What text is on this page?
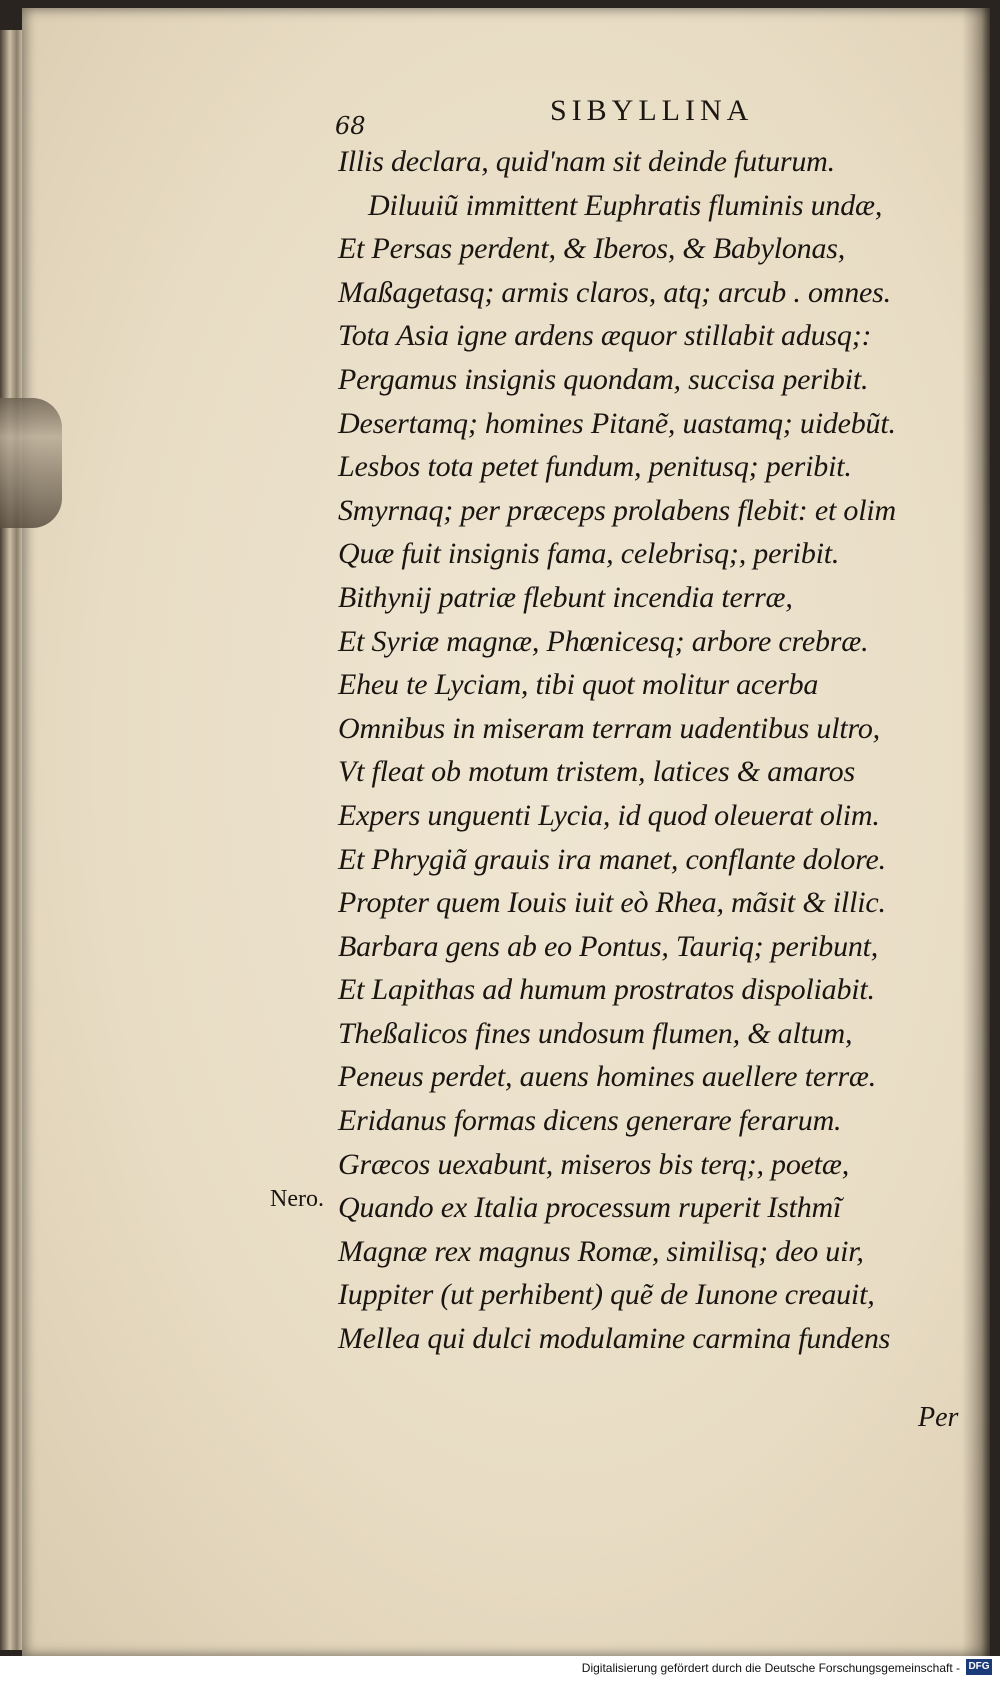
68	SIBYLLINA
Illis declara, quid'nam sit deinde futurum.
Diluuiũ immittent Euphratis fluminis undæ,
Et Persas perdent, & Iberos, & Babylonas,
Maßagetasq; armis claros, atq; arcub . omnes.
Tota Asia igne ardens æquor stillabit adusq;:
Pergamus insignis quondam, succisa peribit.
Desertamq; homines Pitanẽ, uastamq; uidebũt.
Lesbos tota petet fundum, penitusq; peribit.
Smyrnaq; per præceps prolabens flebit: et olim
Quæ fuit insignis fama, celebrisq;, peribit.
Bithynij patriæ flebunt incendia terræ,
Et Syriæ magnæ, Phœnicesq; arbore crebræ.
Eheu te Lyciam, tibi quot molitur acerba
Omnibus in miseram terram uadentibus ultro,
Vt fleat ob motum tristem, latices & amaros
Expers unguenti Lycia, id quod oleuerat olim.
Et Phrygiã grauis ira manet, conflante dolore.
Propter quem Iouis iuit eò Rhea, mãsit & illic.
Barbara gens ab eo Pontus, Tauriq; peribunt,
Et Lapithas ad humum prostratos dispoliabit.
Theßalicos fines undosum flumen, & altum,
Peneus perdet, auens homines auellere terræ.
Eridanus formas dicens generare ferarum.
Græcos uexabunt, miseros bis terq;, poetæ,
Quando ex Italia processum ruperit Isthmĩ
Magnæ rex magnus Romæ, similisq; deo uir,
Iuppiter (ut perhibent) quẽ de Iunone creauit,
Mellea qui dulci modulamine carmina fundens
Nero.
Per
Digitalisierung gefördert durch die Deutsche Forschungsgemeinschaft - DFG
